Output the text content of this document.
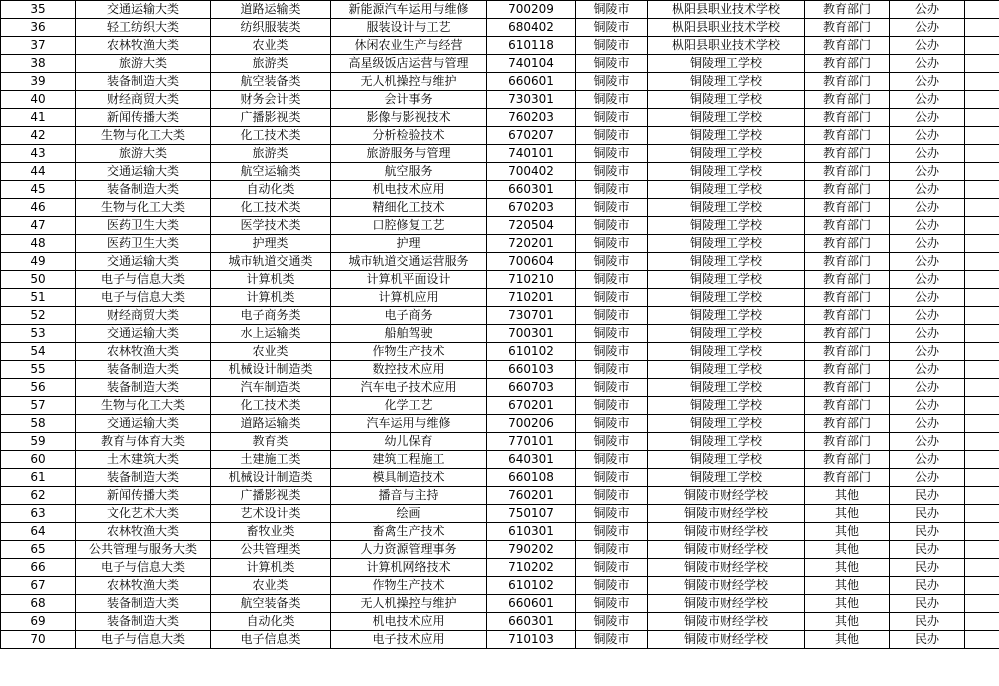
35	交通运输大类	道路运输类	新能源汽车运用与维修	700209	铜陵市	枞阳县职业技术学校	教育部门	公办	
36	轻工纺织大类	纺织服装类	服装设计与工艺	680402	铜陵市	枞阳县职业技术学校	教育部门	公办	
37	农林牧渔大类	农业类	休闲农业生产与经营	610118	铜陵市	枞阳县职业技术学校	教育部门	公办	
38	旅游大类	旅游类	高星级饭店运营与管理	740104	铜陵市	铜陵理工学校	教育部门	公办	
39	装备制造大类	航空装备类	无人机操控与维护	660601	铜陵市	铜陵理工学校	教育部门	公办	
40	财经商贸大类	财务会计类	会计事务	730301	铜陵市	铜陵理工学校	教育部门	公办	
41	新闻传播大类	广播影视类	影像与影视技术	760203	铜陵市	铜陵理工学校	教育部门	公办	
42	生物与化工大类	化工技术类	分析检验技术	670207	铜陵市	铜陵理工学校	教育部门	公办	
43	旅游大类	旅游类	旅游服务与管理	740101	铜陵市	铜陵理工学校	教育部门	公办	
44	交通运输大类	航空运输类	航空服务	700402	铜陵市	铜陵理工学校	教育部门	公办	
45	装备制造大类	自动化类	机电技术应用	660301	铜陵市	铜陵理工学校	教育部门	公办	
46	生物与化工大类	化工技术类	精细化工技术	670203	铜陵市	铜陵理工学校	教育部门	公办	
47	医药卫生大类	医学技术类	口腔修复工艺	720504	铜陵市	铜陵理工学校	教育部门	公办	
48	医药卫生大类	护理类	护理	720201	铜陵市	铜陵理工学校	教育部门	公办	
49	交通运输大类	城市轨道交通类	城市轨道交通运营服务	700604	铜陵市	铜陵理工学校	教育部门	公办	
50	电子与信息大类	计算机类	计算机平面设计	710210	铜陵市	铜陵理工学校	教育部门	公办	
51	电子与信息大类	计算机类	计算机应用	710201	铜陵市	铜陵理工学校	教育部门	公办	
52	财经商贸大类	电子商务类	电子商务	730701	铜陵市	铜陵理工学校	教育部门	公办	
53	交通运输大类	水上运输类	船舶驾驶	700301	铜陵市	铜陵理工学校	教育部门	公办	
54	农林牧渔大类	农业类	作物生产技术	610102	铜陵市	铜陵理工学校	教育部门	公办	
55	装备制造大类	机械设计制造类	数控技术应用	660103	铜陵市	铜陵理工学校	教育部门	公办	
56	装备制造大类	汽车制造类	汽车电子技术应用	660703	铜陵市	铜陵理工学校	教育部门	公办	
57	生物与化工大类	化工技术类	化学工艺	670201	铜陵市	铜陵理工学校	教育部门	公办	
58	交通运输大类	道路运输类	汽车运用与维修	700206	铜陵市	铜陵理工学校	教育部门	公办	
59	教育与体育大类	教育类	幼儿保育	770101	铜陵市	铜陵理工学校	教育部门	公办	
60	土木建筑大类	土建施工类	建筑工程施工	640301	铜陵市	铜陵理工学校	教育部门	公办	
61	装备制造大类	机械设计制造类	模具制造技术	660108	铜陵市	铜陵理工学校	教育部门	公办	
62	新闻传播大类	广播影视类	播音与主持	760201	铜陵市	铜陵市财经学校	其他	民办	
63	文化艺术大类	艺术设计类	绘画	750107	铜陵市	铜陵市财经学校	其他	民办	
64	农林牧渔大类	畜牧业类	畜禽生产技术	610301	铜陵市	铜陵市财经学校	其他	民办	
65	公共管理与服务大类	公共管理类	人力资源管理事务	790202	铜陵市	铜陵市财经学校	其他	民办	
66	电子与信息大类	计算机类	计算机网络技术	710202	铜陵市	铜陵市财经学校	其他	民办	
67	农林牧渔大类	农业类	作物生产技术	610102	铜陵市	铜陵市财经学校	其他	民办	
68	装备制造大类	航空装备类	无人机操控与维护	660601	铜陵市	铜陵市财经学校	其他	民办	
69	装备制造大类	自动化类	机电技术应用	660301	铜陵市	铜陵市财经学校	其他	民办	
70	电子与信息大类	电子信息类	电子技术应用	710103	铜陵市	铜陵市财经学校	其他	民办	
